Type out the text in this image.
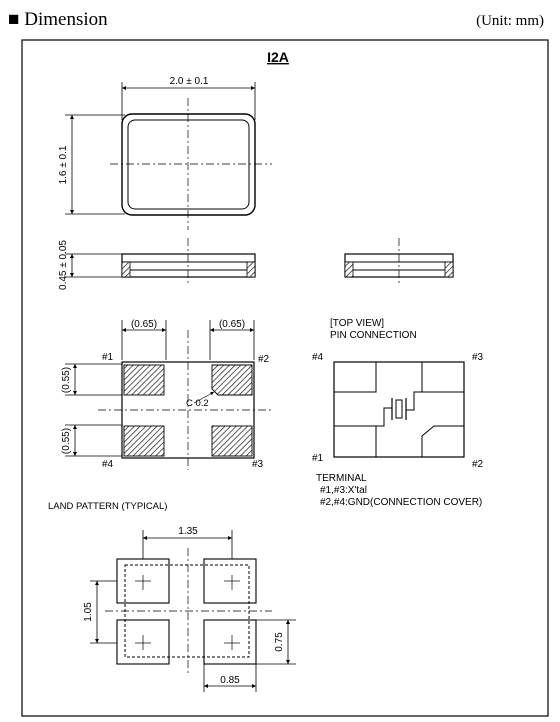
■ Dimension	(Unit: mm)
I2A
2.0 ± 0.1
1.6 ± 0.1
0.45 ± 0.05
(0.65)	(0.65)
(0.55)
(0.55)
C 0.2
#1	#2
#4	#3
[TOP VIEW]
PIN CONNECTION
#4	#3
#1
#2
TERMINAL
#1,#3:X'tal
#2,#4:GND(CONNECTION COVER)
LAND PATTERN (TYPICAL)
1.35
1.05
0.75
0.85
